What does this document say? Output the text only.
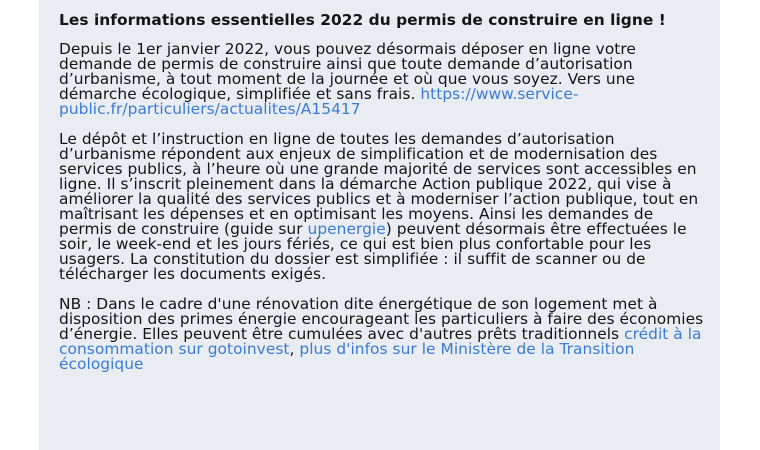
Les informations essentielles 2022 du permis de construire en ligne !
Depuis le 1er janvier 2022, vous pouvez désormais déposer en ligne votre demande de permis de construire ainsi que toute demande d’autorisation d’urbanisme, à tout moment de la journée et où que vous soyez. Vers une démarche écologique, simplifiée et sans frais. https://www.service-public.fr/particuliers/actualites/A15417
Le dépôt et l’instruction en ligne de toutes les demandes d’autorisation d’urbanisme répondent aux enjeux de simplification et de modernisation des services publics, à l’heure où une grande majorité de services sont accessibles en ligne. Il s’inscrit pleinement dans la démarche Action publique 2022, qui vise à améliorer la qualité des services publics et à moderniser l’action publique, tout en maîtrisant les dépenses et en optimisant les moyens. Ainsi les demandes de permis de construire (guide sur upenergie) peuvent désormais être effectuées le soir, le week-end et les jours fériés, ce qui est bien plus confortable pour les usagers. La constitution du dossier est simplifiée : il suffit de scanner ou de télécharger les documents exigés.
NB : Dans le cadre d'une rénovation dite énergétique de son logement met à disposition des primes énergie encourageant les particuliers à faire des économies d’énergie. Elles peuvent être cumulées avec d'autres prêts traditionnels crédit à la consommation sur gotoinvest, plus d'infos sur le Ministère de la Transition écologique
